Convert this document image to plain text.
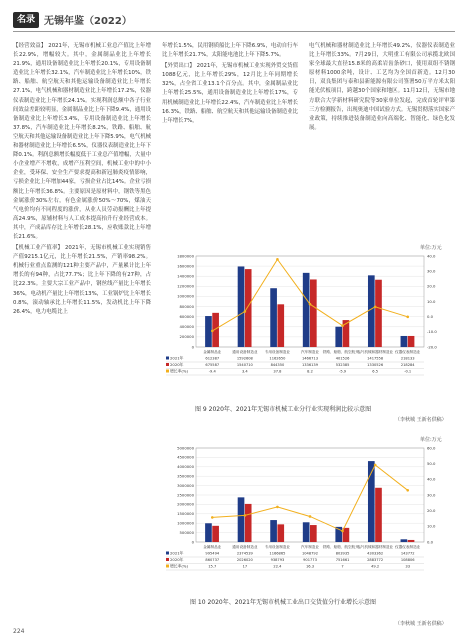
名录 无锡年鉴（2022）

【经营效益】 2021年，无锡市机械工业总产值比上年增长22.9%，增幅较大。其中，金属制品业比上年增长21.9%，通用设备制造业比上年增长20.1%，专用设备制造业比上年增长32.1%，汽车制造业比上年增长10%，铁路、船舶、航空航天和其他运输设备制造业比上年增长27.1%，电气机械和器材制造业比上年增长17.2%，仪器仪表制造业比上年增长24.1%。实现利润总额中各子行业间效益差距较明显，金属制品业比上年下降9.4%，通用设备制造业比上年增长3.4%，专用设备制造业比上年增长37.8%，汽车制造业比上年增长8.2%，铁路、船舶、航空航天和其他运输设备制造业比上年下降5.9%，电气机械和器材制造业比上年增长6.5%，仪器仪表制造业比上年下降0.1%。利润总额增长幅度低于工业总产值增幅，大量中小企业增产不增收，成增产压利空间，机械工业中的中小企业，受环保、安全生产要求提高和新冠肺炎疫情影响，亏损企业比上年增加44家，亏损企业占比14%。企业亏损额比上年增长36.8%。主要原因是原材料中，钢铁等黑色金属涨价30%左右，有色金属涨价50%～70%，煤油天气电价均有不同程度的涨价，从业人员劳动报酬比上年提高24.9%，原辅材料与人工成本提高抬升行业经营成本。其中，产成品库存比上年增长28.1%，应收账款比上年增长21.6%。

【机械工业产值率】 2021年，无锡市机械工业实现销售产值9215.1亿元，比上年增长21.5%，产销率98.2%。机械行业重点监测的121种主要产品中，产量累计比上年增长的有94种，占比77.7%；比上年下降的有27种，占比22.3%。主要大宗工业产品中，钢丝线产量比上年增长36%，电动机产量比上年增长13%，工业锅炉比上年增长0.8%，滚动轴承比上年增长11.5%，发动机比上年下降26.4%，电力电缆比上

年增长1.5%，民用钢质船比上年下降6.9%，电动自行车比上年增长21.7%，太阳能电池比上年下降5.7%。

【外贸出口】 2021年，无锡市机械工业实现外贸交货值1088亿元，比上年增长29%，12月比上年同期增长32%，占全省工业13.1个百分点。其中，金属制品业比上年增长25.5%，通用设备制造业比上年增长17%，专用机械制造业比上年增长22.4%，汽车制造业比上年增长16.3%，铁路、船舶、航空航天和其他运输设备制造业比上年增长7%，

电气机械和器材制造业比上年增长49.2%，仪器仪表制造业比上年增长33%。7月29日，大明重工有限公司承揽北欧国家全球最大直径15.8米的高柔岩齿条砂口，使用双组不锈钢原材料1000余吨，设计、工艺均为全国首新造。12月30日，双良集团与泰和县新能源有限公司签署50万平方米太阳能光伏板项目，跨越30个国家和地区。11月12日，无锡市地方联合大学新材料研究院等30家单位发起，完成首轮评审第三方检测报告，出现奥迪中国试验方式。无锡贯彻落实国家产业政策，持续推进装备制造业向高端化、智能化、绿色化发展。

单位:万元
0
200000
400000
600000
800000
1000000
1200000
1400000
1600000
1800000
-20.0
-10.0
0.0
10.0
20.0
30.0
40.0
金属制品业	通用设备制造业 专用设备制造业	汽车制造业 铁路、船舶、航空航天…
电气机械和器材制造业 仪器仪表制造业
2021年	612387	1592608	1162650	1466713	401526	1417558	218133
2020年	675587	1540710	844350	1336139	532385	1330526	218284
增长率(%)	-9.4	3.4	37.8	8.2	-5.9	6.5	-0.1
图 9 2020年、2021年无锡市机械工业分行业实现利润比较示意图
（李秋城 王新名供稿）
单位:万元
0
500000
1000000
1500000
2000000
2500000
3000000
3500000
4000000
4500000
5000000
0.0
10.0
20.0
30.0
40.0
50.0
60.0
金属制品业	通用设备制造业 专用设备制造业	汽车制造业 铁路、船舶、航空航天…
电气机械和器材制造业 仪器仪表制造业
2021年	995494	2374539	1166865	1048792	803935	4303362	143772
2020年	860737	2026020	938793	901773	751661	2883772	108806
增长率(%)	15.7	17	22.4	16.3	7	49.2	33
图 10 2020年、2021年无锡市机械工业出口交货值分行业增长示意图
（李秋城 王新名供稿）
224
